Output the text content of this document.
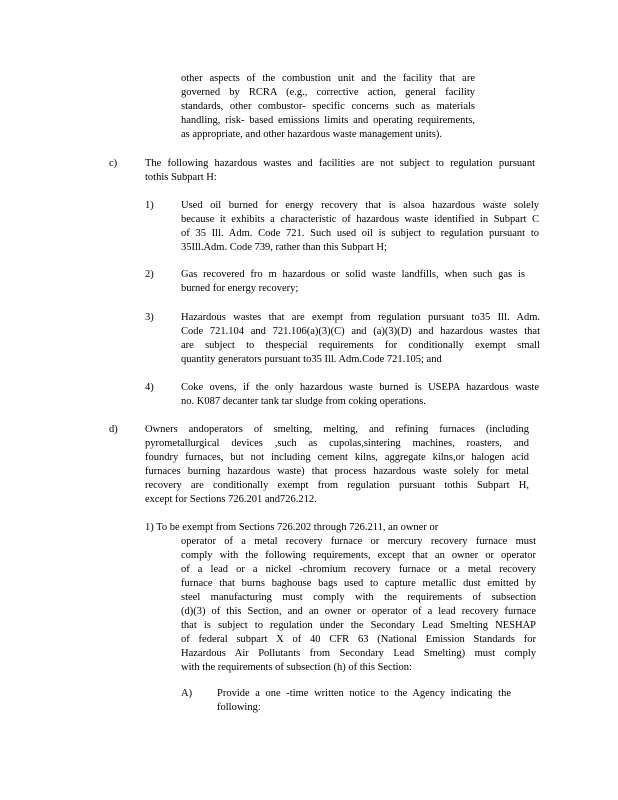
other aspects of the combustion unit and the facility that are
governed by RCRA (e.g., corrective action, general facility
standards, other combustor- specific concerns such as materials
handling, risk- based emissions limits and operating requirements,
as appropriate, and other hazardous waste management units).
c)	The following hazardous wastes and facilities are not subject to regulation pursuant
tothis Subpart H:
1)	Used oil burned for energy recovery that is alsoa hazardous waste solely
because it exhibits a characteristic of hazardous waste identified in Subpart C
of 35 Ill. Adm. Code 721. Such used oil is subject to regulation pursuant to
35Ill.Adm. Code 739, rather than this Subpart H;
2)	Gas recovered fro m hazardous or solid waste landfills, when such gas is
burned for energy recovery;
3)	Hazardous wastes that are exempt from regulation pursuant to35 Ill. Adm.
Code 721.104 and 721.106(a)(3)(C) and (a)(3)(D) and hazardous wastes that
are subject to thespecial requirements for conditionally exempt small
quantity generators pursuant to35 Ill. Adm.Code 721.105; and
4)	Coke ovens, if the only hazardous waste burned is USEPA hazardous waste
no. K087 decanter tank tar sludge from coking operations.
d)	Owners andoperators of smelting, melting, and refining furnaces (including
pyrometallurgical devices ,such as cupolas,sintering machines, roasters, and
foundry furnaces, but not including cement kilns, aggregate kilns,or halogen acid
furnaces burning hazardous waste) that process hazardous waste solely for metal
recovery are conditionally exempt from regulation pursuant tothis Subpart H,
except for Sections 726.201 and726.212.
1) To be exempt from Sections 726.202 through 726.211, an owner or
operator of a metal recovery furnace or mercury recovery furnace must
comply with the following requirements, except that an owner or operator
of a lead or a nickel -chromium recovery furnace or a metal recovery
furnace that burns baghouse bags used to capture metallic dust emitted by
steel manufacturing must comply with the requirements of subsection
(d)(3) of this Section, and an owner or operator of a lead recovery furnace
that is subject to regulation under the Secondary Lead Smelting NESHAP
of federal subpart X of 40 CFR 63 (National Emission Standards for
Hazardous Air Pollutants from Secondary Lead Smelting) must comply
with the requirements of subsection (h) of this Section:
A) Provide a one -time written notice to the Agency indicating the
following:
